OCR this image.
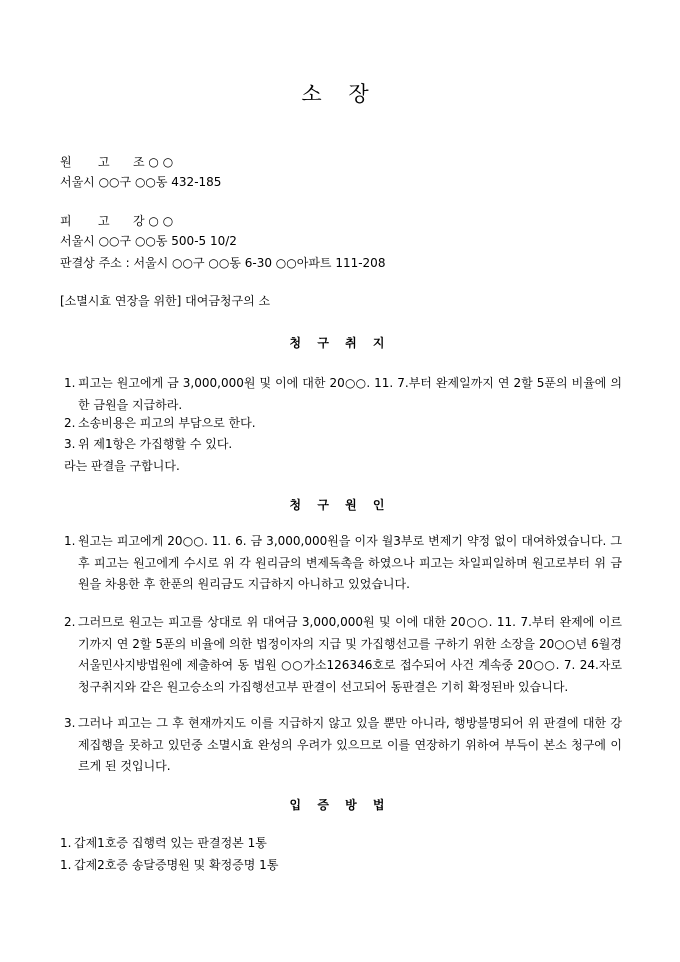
소 장
원 고 조 ○ ○
서울시 ○○구 ○○동 432-185
피 고 강 ○ ○
서울시 ○○구 ○○동 500-5 10/2
판결상 주소 : 서울시 ○○구 ○○동 6-30 ○○아파트 111-208
[소멸시효 연장을 위한] 대여금청구의 소
청 구 취 지
1. 피고는 원고에게 금 3,000,000원 및 이에 대한 20○○. 11. 7.부터 완제일까지 연 2할 5푼의 비율에 의한 금원을 지급하라.
2. 소송비용은 피고의 부담으로 한다.
3. 위 제1항은 가집행할 수 있다.
라는 판결을 구합니다.
청 구 원 인
1. 원고는 피고에게 20○○. 11. 6. 금 3,000,000원을 이자 월3부로 변제기 약정 없이 대여하였습니다. 그 후 피고는 원고에게 수시로 위 각 원리금의 변제독촉을 하였으나 피고는 차일피일하며 원고로부터 위 금원을 차용한 후 한푼의 원리금도 지급하지 아니하고 있었습니다.
2. 그러므로 원고는 피고를 상대로 위 대여금 3,000,000원 및 이에 대한 20○○. 11. 7.부터 완제에 이르기까지 연 2할 5푼의 비율에 의한 법정이자의 지급 및 가집행선고를 구하기 위한 소장을 20○○년 6월경 서울민사지방법원에 제출하여 동 법원 ○○가소126346호로 접수되어 사건 계속중 20○○. 7. 24.자로 청구취지와 같은 원고승소의 가집행선고부 판결이 선고되어 동판결은 기히 확정된바 있습니다.
3. 그러나 피고는 그 후 현재까지도 이를 지급하지 않고 있을 뿐만 아니라, 행방불명되어 위 판결에 대한 강제집행을 못하고 있던중 소멸시효 완성의 우려가 있으므로 이를 연장하기 위하여 부득이 본소 청구에 이르게 된 것입니다.
입 증 방 법
1. 갑제1호증 집행력 있는 판결정본 1통
1. 갑제2호증 송달증명원 및 확정증명 1통
